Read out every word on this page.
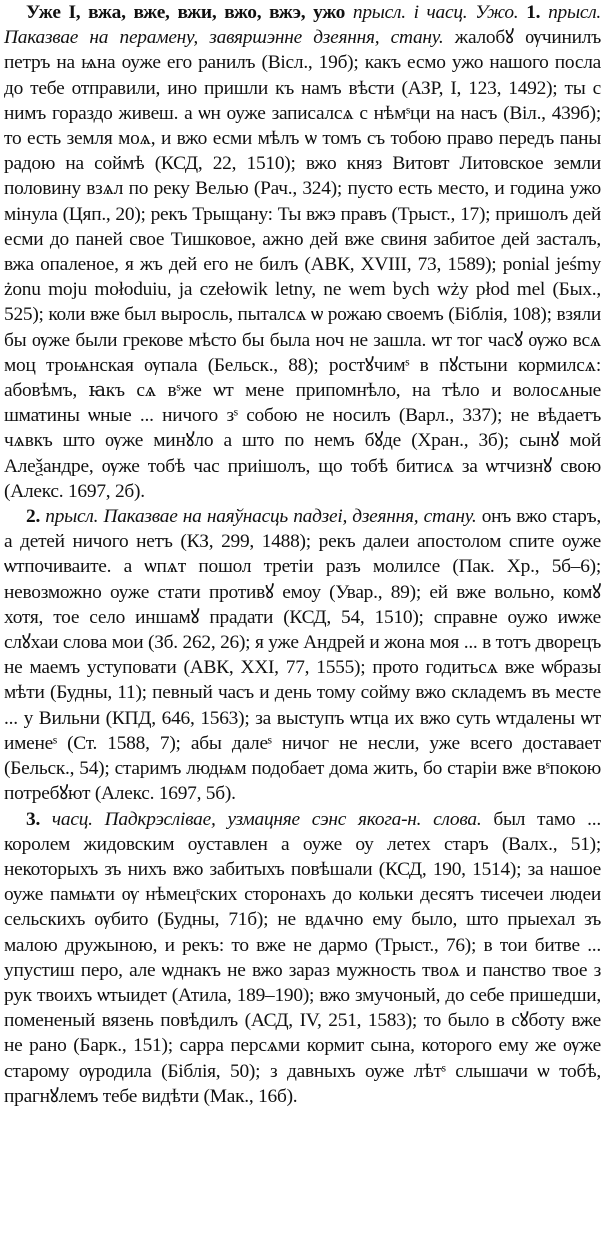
Уже I, вжа, вже, вжи, вжо, вжэ, ужо прысл. і часц. Ужо. 1. прысл. Паказвае на перамену, завяршэнне дзеяння, стану. жалобꙋ ѹчинилъ петръ на ѩна оуже его ранилъ (Вісл., 19б); какъ есмо ужо нашого посла до тебе отправили, ино пришли къ намъ вѣсти (АЗР, I, 123, 1492); ты с нимъ гораздо живеш. а ѡн оуже записалсѧ с нѣмˢци на насъ (Віл., 439б); то есть земля моѧ, и вжо есми мѣлъ ѡ томъ съ тобою право передъ паны радою на соймѣ (КСД, 22, 1510); вжо княз Витовт Литовское земли половину взѧл по реку Велью (Рач., 324); пусто есть место, и година ужо мінула (Цяп., 20); рекъ Трыщану: Ты вжэ правъ (Трыст., 17); пришолъ дей есми до паней свое Тишковое, ажно дей вже свиня забитое дей засталъ, вжа опаленое, я жъ дей его не билъ (АВК, XVIII, 73, 1589); ponial jeśmy żonu moju mołoduiu, ja czełowik letny, ne wem bych wży płod mel (Бых., 525); коли вже был выросль, пыталсѧ ѡ рожаю своемъ (Біблія, 108); взяли бы ѹже были грекове мѣсто бы была ноч не зашла. ѡт тог часꙋ ѹжо всѧ моц троѩнская ѹпала (Бельск., 88); ростꙋчимˢ в пꙋстыни кормилсѧ: абовѣмъ, ꙗкъ сѧ вˢже ѡт мене припомнѣло, на тѣло и волосѧные шматины ѡные ... ничого зˢ собою не носилъ (Варл., 337); не вѣдаетъ чѧвкъ што ѹже минꙋло а што по немъ бꙋде (Хран., 3б); сынꙋ мой Алеѯандре, ѹже тобѣ час приішолъ, що тобѣ битисѧ за ѡтчизнꙋ свою (Алекс. 1697, 2б).

2. прысл. Паказвае на наяўнасць падзеі, дзеяння, стану. онъ вжо старъ, а детей ничого нетъ (КЗ, 299, 1488); рекъ далеи апостолом спите оуже ѡтпочиваите. а ѡпѧт пошол третіи разъ молилсе (Пак. Хр., 5б–6); невозможно оуже стати противꙋ емоу (Увар., 89); ей вже вольно, комꙋ хотя, тое село иншамꙋ прадати (КСД, 54, 1510); справне оужо иѡже слꙋхаи слова мои (Зб. 262, 26); я уже Андрей и жона моя ... в тотъ дворецъ не маемъ уступовати (АВК, XXI, 77, 1555); прото годитьсѧ вже ѡбразы мѣти (Будны, 11); певный часъ и день тому сойму вжо складемъ въ месте ... у Вильни (КПД, 646, 1563); за выступъ ѡтца их вжо суть ѡтдалены ѡт именеˢ (Ст. 1588, 7); абы далеˢ ничог не несли, уже всего доставает (Бельск., 54); старимъ людѩм подобает дома жить, бо старіи вже вˢпокою потребꙋют (Алекс. 1697, 5б).

3. часц. Падкрэслівае, узмацняе сэнс якога-н. слова. был тамо ... королем жидовским оуставлен а оуже оу летех старъ (Валх., 51); некоторыхъ зъ нихъ вжо забитыхъ повѣшали (КСД, 190, 1514); за нашое оуже памѩти ѹ нѣмецˢских сторонахъ до кольки десятъ тисечеи людеи сельскихъ ѹбито (Будны, 71б); не вдѧчно ему было, што прыехал зъ малою дружыною, и рекъ: то вже не дармо (Трыст., 76); в тои битве ... упустиш перо, але ѡднакъ не вжо зараз мужность твоѧ и панство твое з рук твоихъ ѡтыидет (Атила, 189–190); вжо змучоный, до себе пришедши, помененый вязень повѣдилъ (АСД, IV, 251, 1583); то было в сꙋботу вже не рано (Барк., 151); сарра персѧми кормит сына, которого ему же ѹже старому ѹродила (Біблія, 50); з давныхъ оуже лѣтˢ слышачи ѡ тобѣ, прагнꙋлемъ тебе видѣти (Мак., 16б).
